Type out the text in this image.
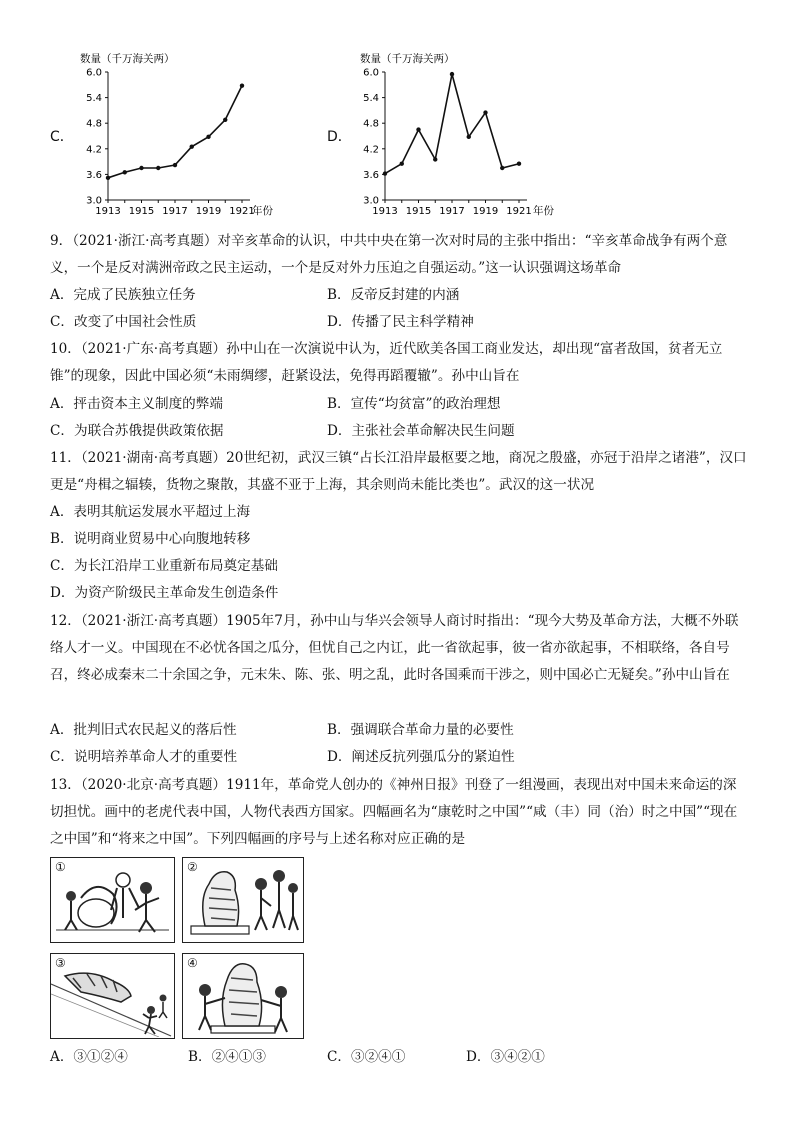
C．	D．
数量（千万海关两）
6.0
5.4
4.8
4.2
3.6
3.0
1913 1915 1917 1919 1921
年份
数量（千万海关两）
6.0
5.4
4.8
4.2
3.6
3.0
1913 1915 1917 1919 1921 年份
9．（2021·浙江·高考真题）对辛亥革命的认识，中共中央在第一次对时局的主张中指出：“辛亥革命战争有两个意义，一个是反对满洲帝政之民主运动，一个是反对外力压迫之自强运动。”这一认识强调这场革命
A．完成了民族独立任务	B．反帝反封建的内涵
C．改变了中国社会性质	D．传播了民主科学精神
10．（2021·广东·高考真题）孙中山在一次演说中认为，近代欧美各国工商业发达，却出现“富者敌国，贫者无立锥”的现象，因此中国必须“未雨绸缪，赶紧设法，免得再蹈覆辙”。孙中山旨在
A．抨击资本主义制度的弊端	B．宣传“均贫富”的政治理想
C．为联合苏俄提供政策依据	D．主张社会革命解决民生问题
11．（2021·湖南·高考真题）20世纪初，武汉三镇“占长江沿岸最枢要之地，商况之殷盛，亦冠于沿岸之诸港”，汉口更是“舟楫之辐辏，货物之聚散，其盛不亚于上海，其余则尚未能比类也”。武汉的这一状况
A．表明其航运发展水平超过上海
B．说明商业贸易中心向腹地转移
C．为长江沿岸工业重新布局奠定基础
D．为资产阶级民主革命发生创造条件
12．（2021·浙江·高考真题）1905年7月，孙中山与华兴会领导人商讨时指出：“现今大势及革命方法，大概不外联络人才一义。中国现在不必忧各国之瓜分，但忧自己之内讧，此一省欲起事，彼一省亦欲起事，不相联络，各自号召，终必成秦末二十余国之争，元末朱、陈、张、明之乱，此时各国乘而干涉之，则中国必亡无疑矣。”孙中山旨在
A．批判旧式农民起义的落后性	B．强调联合革命力量的必要性
C．说明培养革命人才的重要性	D．阐述反抗列强瓜分的紧迫性
13．（2020·北京·高考真题）1911年，革命党人创办的《神州日报》刊登了一组漫画，表现出对中国未来命运的深切担忧。画中的老虎代表中国，人物代表西方国家。四幅画名为“康乾时之中国”“咸（丰）同（治）时之中国”“现在之中国”和“将来之中国”。下列四幅画的序号与上述名称对应正确的是
①	②
③	④
A．③①②④	B．②④①③	C．③②④①	D．③④②①
